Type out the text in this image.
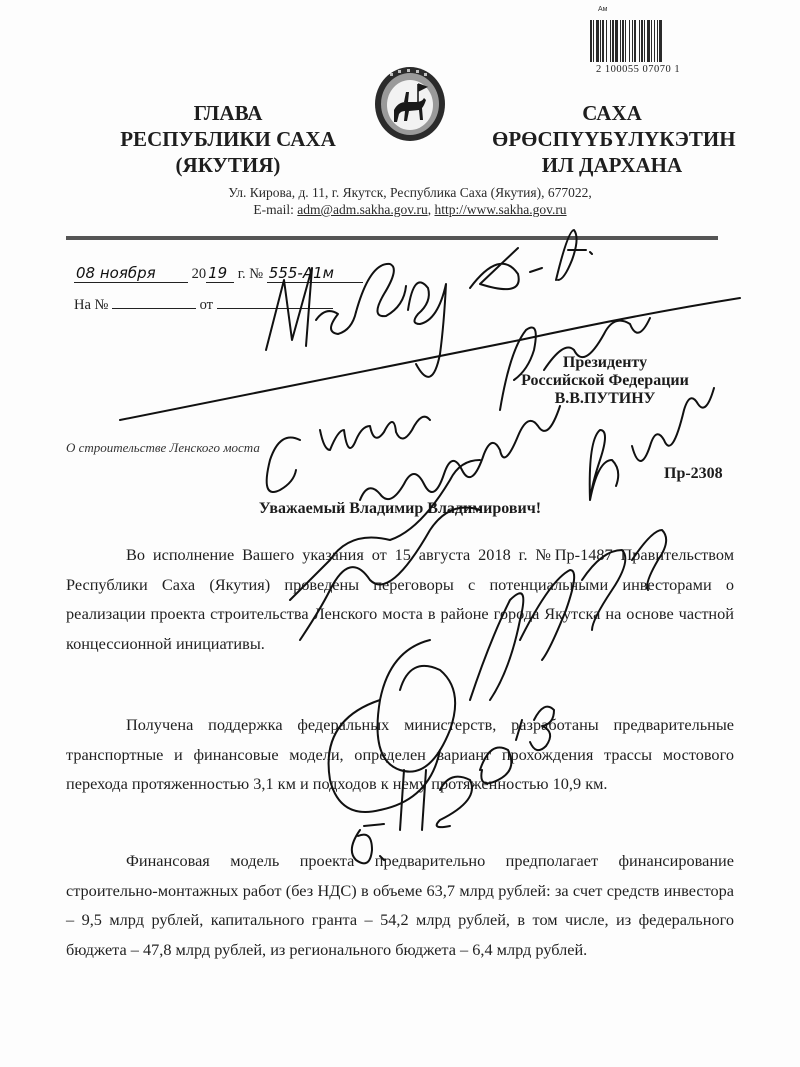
Ам
2 100055 07070 1
ГЛАВА
РЕСПУБЛИКИ САХА
(ЯКУТИЯ)
САХА
ӨРӨСПҮҮБҮЛҮКЭТИН
ИЛ ДАРХАНА
Ул. Кирова, д. 11, г. Якутск, Республика Саха (Якутия), 677022,
E-mail: adm@adm.sakha.gov.ru, http://www.sakha.gov.ru
08 ноября 20 19 г. № 555-А1м
На №	от
Президенту
Российской Федерации
В.В.ПУТИНУ
О строительстве Ленского моста
Пр-2308
Уважаемый Владимир Владимирович!

Во исполнение Вашего указания от 15 августа 2018 г. №Пр-1487 Правительством Республики Саха (Якутия) проведены переговоры с потенциальными инвесторами о реализации проекта строительства Ленского моста в районе города Якутска на основе частной концессионной инициативы.

Получена поддержка федеральных министерств, разработаны предварительные транспортные и финансовые модели, определен вариант прохождения трассы мостового перехода протяженностью 3,1 км и подходов к нему протяженностью 10,9 км.

Финансовая модель проекта предварительно предполагает финансирование строительно-монтажных работ (без НДС) в объеме 63,7 млрд рублей: за счет средств инвестора – 9,5 млрд рублей, капитального гранта – 54,2 млрд рублей, в том числе, из федерального бюджета – 47,8 млрд рублей, из регионального бюджета – 6,4 млрд рублей.
